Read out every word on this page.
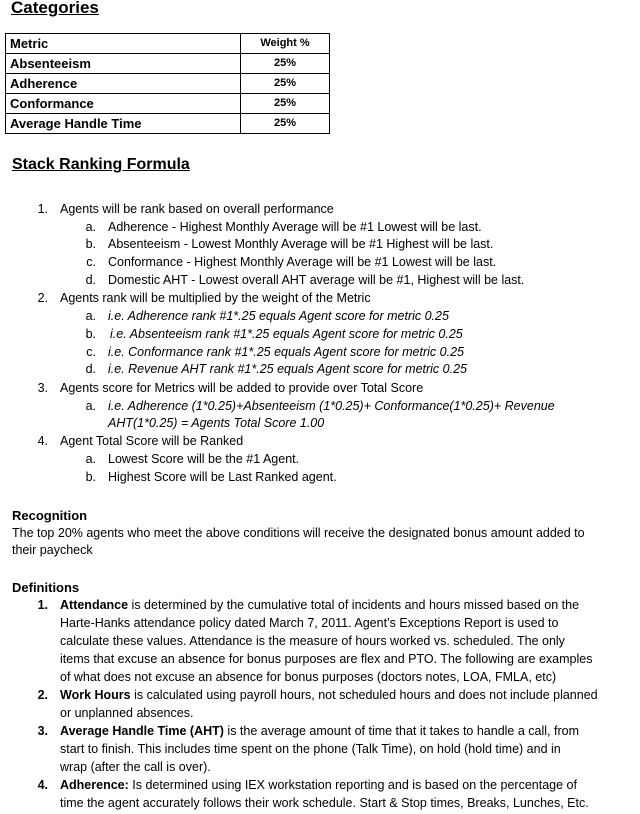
Categories
Metric	Weight %
Absenteeism	25%
Adherence	25%
Conformance	25%
Average Handle Time	25%
Stack Ranking Formula
1. Agents will be rank based on overall performance
a. Adherence - Highest Monthly Average will be #1 Lowest will be last.
b. Absenteeism - Lowest Monthly Average will be #1 Highest will be last.
c. Conformance - Highest Monthly Average will be #1 Lowest will be last.
d. Domestic AHT - Lowest overall AHT average will be #1, Highest will be last.
2. Agents rank will be multiplied by the weight of the Metric
a. i.e. Adherence rank #1*.25 equals Agent score for metric 0.25
b. i.e. Absenteeism rank #1*.25 equals Agent score for metric 0.25
c. i.e. Conformance rank #1*.25 equals Agent score for metric 0.25
d. i.e. Revenue AHT rank #1*.25 equals Agent score for metric 0.25
3. Agents score for Metrics will be added to provide over Total Score
a. i.e. Adherence (1*0.25)+Absenteeism (1*0.25)+ Conformance(1*0.25)+ Revenue
AHT(1*0.25) = Agents Total Score 1.00
4. Agent Total Score will be Ranked
a. Lowest Score will be the #1 Agent.
b. Highest Score will be Last Ranked agent.
Recognition
The top 20% agents who meet the above conditions will receive the designated bonus amount added to
their paycheck
Definitions
1. Attendance is determined by the cumulative total of incidents and hours missed based on the
Harte-Hanks attendance policy dated March 7, 2011. Agent’s Exceptions Report is used to
calculate these values. Attendance is the measure of hours worked vs. scheduled. The only
items that excuse an absence for bonus purposes are flex and PTO. The following are examples
of what does not excuse an absence for bonus purposes (doctors notes, LOA, FMLA, etc)
2. Work Hours is calculated using payroll hours, not scheduled hours and does not include planned
or unplanned absences.
3. Average Handle Time (AHT) is the average amount of time that it takes to handle a call, from
start to finish. This includes time spent on the phone (Talk Time), on hold (hold time) and in
wrap (after the call is over).
4. Adherence: Is determined using IEX workstation reporting and is based on the percentage of
time the agent accurately follows their work schedule. Start & Stop times, Breaks, Lunches, Etc.
